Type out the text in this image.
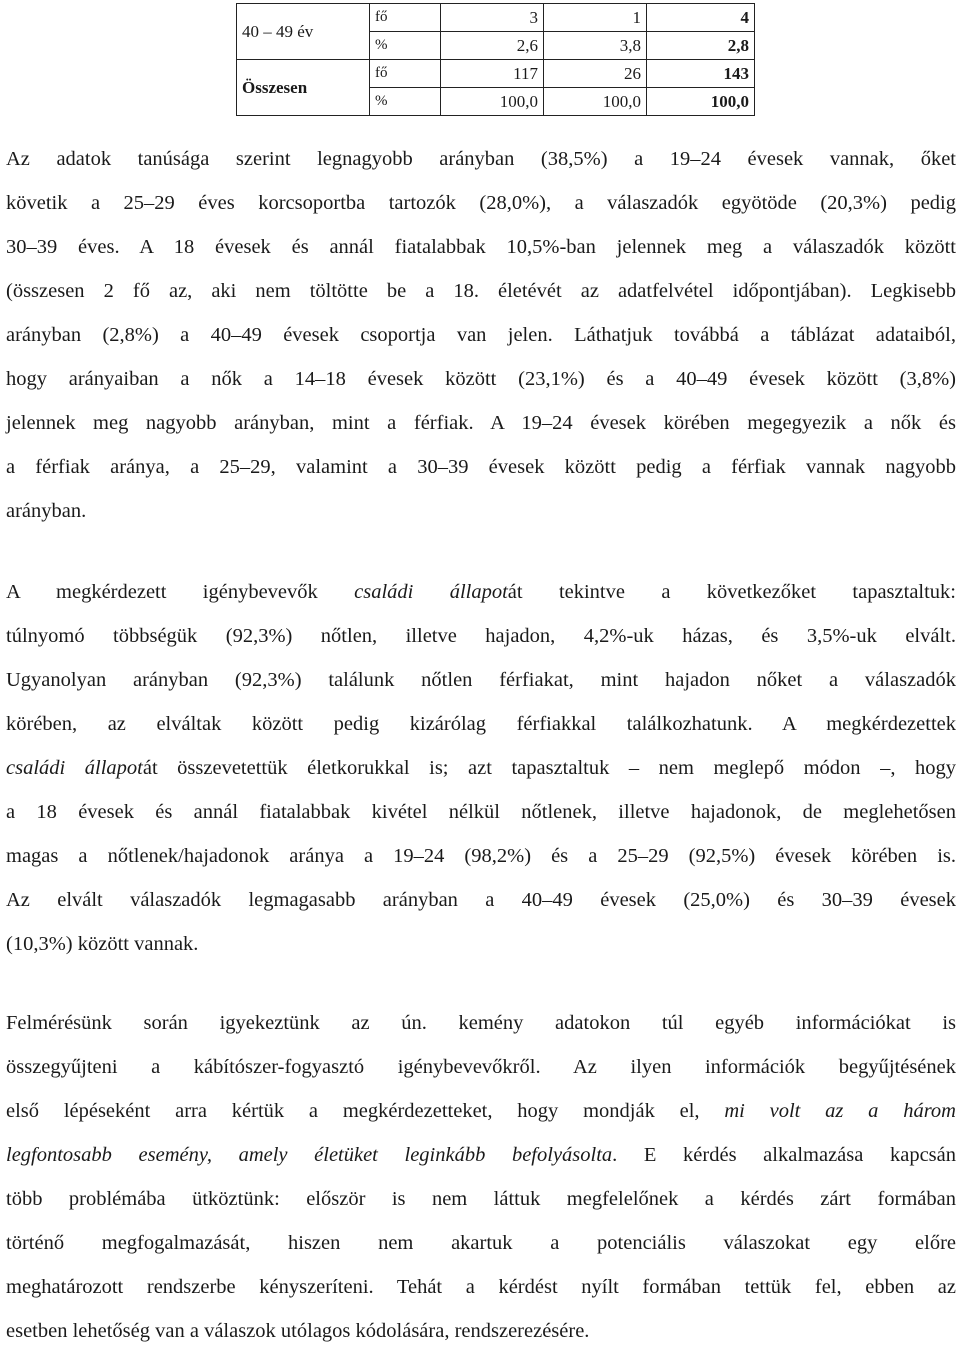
40 – 49 év	fő	3	1	4
	%	2,6	3,8	2,8
Összesen	fő	117	26	143
	%	100,0	100,0	100,0
Az adatok tanúsága szerint legnagyobb arányban (38,5%) a 19–24 évesek vannak, őket
követik a 25–29 éves korcsoportba tartozók (28,0%), a válaszadók egyötöde (20,3%) pedig
30–39 éves. A 18 évesek és annál fiatalabbak 10,5%-ban jelennek meg a válaszadók között
(összesen 2 fő az, aki nem töltötte be a 18. életévét az adatfelvétel időpontjában). Legkisebb
arányban (2,8%) a 40–49 évesek csoportja van jelen. Láthatjuk továbbá a táblázat adataiból,
hogy arányaiban a nők a 14–18 évesek között (23,1%) és a 40–49 évesek között (3,8%)
jelennek meg nagyobb arányban, mint a férfiak. A 19–24 évesek körében megegyezik a nők és
a férfiak aránya, a 25–29, valamint a 30–39 évesek között pedig a férfiak vannak nagyobb
arányban.
A megkérdezett igénybevevők családi állapotát tekintve a következőket tapasztaltuk:
túlnyomó többségük (92,3%) nőtlen, illetve hajadon, 4,2%-uk házas, és 3,5%-uk elvált.
Ugyanolyan arányban (92,3%) találunk nőtlen férfiakat, mint hajadon nőket a válaszadók
körében, az elváltak között pedig kizárólag férfiakkal találkozhatunk. A megkérdezettek
családi állapotát összevetettük életkorukkal is; azt tapasztaltuk – nem meglepő módon –, hogy
a 18 évesek és annál fiatalabbak kivétel nélkül nőtlenek, illetve hajadonok, de meglehetősen
magas a nőtlenek/hajadonok aránya a 19–24 (98,2%) és a 25–29 (92,5%) évesek körében is.
Az elvált válaszadók legmagasabb arányban a 40–49 évesek (25,0%) és 30–39 évesek
(10,3%) között vannak.
Felmérésünk során igyekeztünk az ún. kemény adatokon túl egyéb információkat is
összegyűjteni a kábítószer-fogyasztó igénybevevőkről. Az ilyen információk begyűjtésének
első lépéseként arra kértük a megkérdezetteket, hogy mondják el, mi volt az a három
legfontosabb esemény, amely életüket leginkább befolyásolta. E kérdés alkalmazása kapcsán
több problémába ütköztünk: először is nem láttuk megfelelőnek a kérdés zárt formában
történő megfogalmazását, hiszen nem akartuk a potenciális válaszokat egy előre
meghatározott rendszerbe kényszeríteni. Tehát a kérdést nyílt formában tettük fel, ebben az
esetben lehetőség van a válaszok utólagos kódolására, rendszerezésére.
